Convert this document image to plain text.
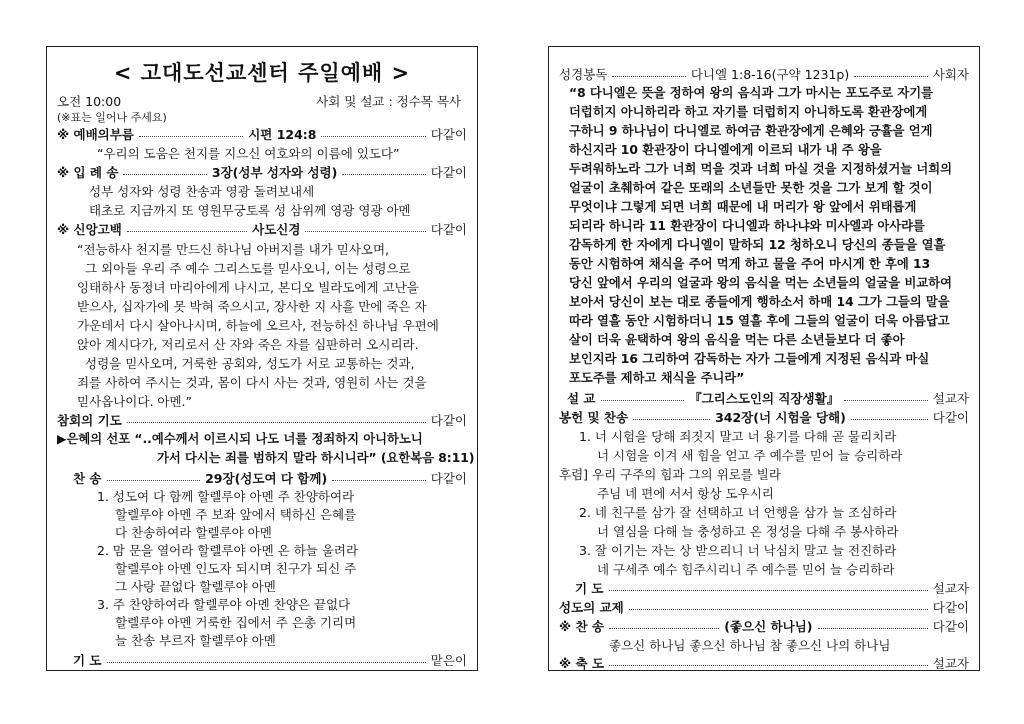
< 고대도선교센터 주일예배 >
오전 10:00	사회 및 설교 : 정수목 목사
(※표는 일어나 주세요)
※ 예배의부름	시편 124:8	다같이
“우리의 도움은 천지를 지으신 여호와의 이름에 있도다”
※ 입 례 송	3장(성부 성자와 성령)	다같이
성부 성자와 성령 찬송과 영광 돌려보내세
태초로 지금까지 또 영원무궁토록 성 삼위께 영광 영광 아멘
※ 신앙고백	사도신경	다같이
“전능하사 천지를 만드신 하나님 아버지를 내가 믿사오며,
그 외아들 우리 주 예수 그리스도를 믿사오니, 이는 성령으로
잉태하사 동정녀 마리아에게 나시고, 본디오 빌라도에게 고난을
받으사, 십자가에 못 박혀 죽으시고, 장사한 지 사흘 만에 죽은 자
가운데서 다시 살아나시며, 하늘에 오르사, 전능하신 하나님 우편에
앉아 계시다가, 저리로서 산 자와 죽은 자를 심판하러 오시리라.
성령을 믿사오며, 거룩한 공회와, 성도가 서로 교통하는 것과,
죄를 사하여 주시는 것과, 몸이 다시 사는 것과, 영원히 사는 것을
믿사옵나이다. 아멘.”
참회의 기도	다같이
▶은혜의 선포 “..예수께서 이르시되 나도 너를 정죄하지 아니하노니
가서 다시는 죄를 범하지 말라 하시니라” (요한복음 8:11)
찬 송	29장(성도여 다 함께)	다같이
1. 성도여 다 함께 할렐루야 아멘 주 찬양하여라
할렐루야 아멘 주 보좌 앞에서 택하신 은혜를
다 찬송하여라 할렐루야 아멘
2. 맘 문을 열어라 할렐루야 아멘 온 하늘 울려라
할렐루야 아멘 인도자 되시며 친구가 되신 주
그 사랑 끝없다 할렐루야 아멘
3. 주 찬양하여라 할렐루야 아멘 찬양은 끝없다
할렐루야 아멘 거룩한 집에서 주 은총 기리며
늘 찬송 부르자 할렐루야 아멘
기 도	맡은이
성경봉독	다니엘 1:8-16(구약 1231p)	사회자
“8 다니엘은 뜻을 정하여 왕의 음식과 그가 마시는 포도주로 자기를
더럽히지 아니하리라 하고 자기를 더럽히지 아니하도록 환관장에게
구하니 9 하나님이 다니엘로 하여금 환관장에게 은혜와 긍휼을 얻게
하신지라 10 환관장이 다니엘에게 이르되 내가 내 주 왕을
두려워하노라 그가 너희 먹을 것과 너희 마실 것을 지정하셨거늘 너희의
얼굴이 초췌하여 같은 또래의 소년들만 못한 것을 그가 보게 할 것이
무엇이냐 그렇게 되면 너희 때문에 내 머리가 왕 앞에서 위태롭게
되리라 하니라 11 환관장이 다니엘과 하나냐와 미사엘과 아사랴를
감독하게 한 자에게 다니엘이 말하되 12 청하오니 당신의 종들을 열흘
동안 시험하여 채식을 주어 먹게 하고 물을 주어 마시게 한 후에 13
당신 앞에서 우리의 얼굴과 왕의 음식을 먹는 소년들의 얼굴을 비교하여
보아서 당신이 보는 대로 종들에게 행하소서 하매 14 그가 그들의 말을
따라 열흘 동안 시험하더니 15 열흘 후에 그들의 얼굴이 더욱 아름답고
살이 더욱 윤택하여 왕의 음식을 먹는 다른 소년들보다 더 좋아
보인지라 16 그리하여 감독하는 자가 그들에게 지정된 음식과 마실
포도주를 제하고 채식을 주니라”
설 교	『그리스도인의 직장생활』	설교자
봉헌 및 찬송	342장(너 시험을 당해)	다같이
1. 너 시험을 당해 죄짓지 말고 너 용기를 다해 곧 물리치라
너 시험을 이겨 새 힘을 얻고 주 예수를 믿어 늘 승리하라
후렴] 우리 구주의 힘과 그의 위로를 빌라
주님 네 편에 서서 항상 도우시리
2. 네 친구를 삼가 잘 선택하고 너 언행을 삼가 늘 조심하라
너 열심을 다해 늘 충성하고 온 정성을 다해 주 봉사하라
3. 잘 이기는 자는 상 받으리니 너 낙심치 말고 늘 전진하라
네 구세주 예수 힘주시리니 주 예수를 믿어 늘 승리하라
기 도	설교자
성도의 교제	다같이
※ 찬 송	(좋으신 하나님)	다같이
좋으신 하나님 좋으신 하나님 참 좋으신 나의 하나님
※ 축 도	설교자
